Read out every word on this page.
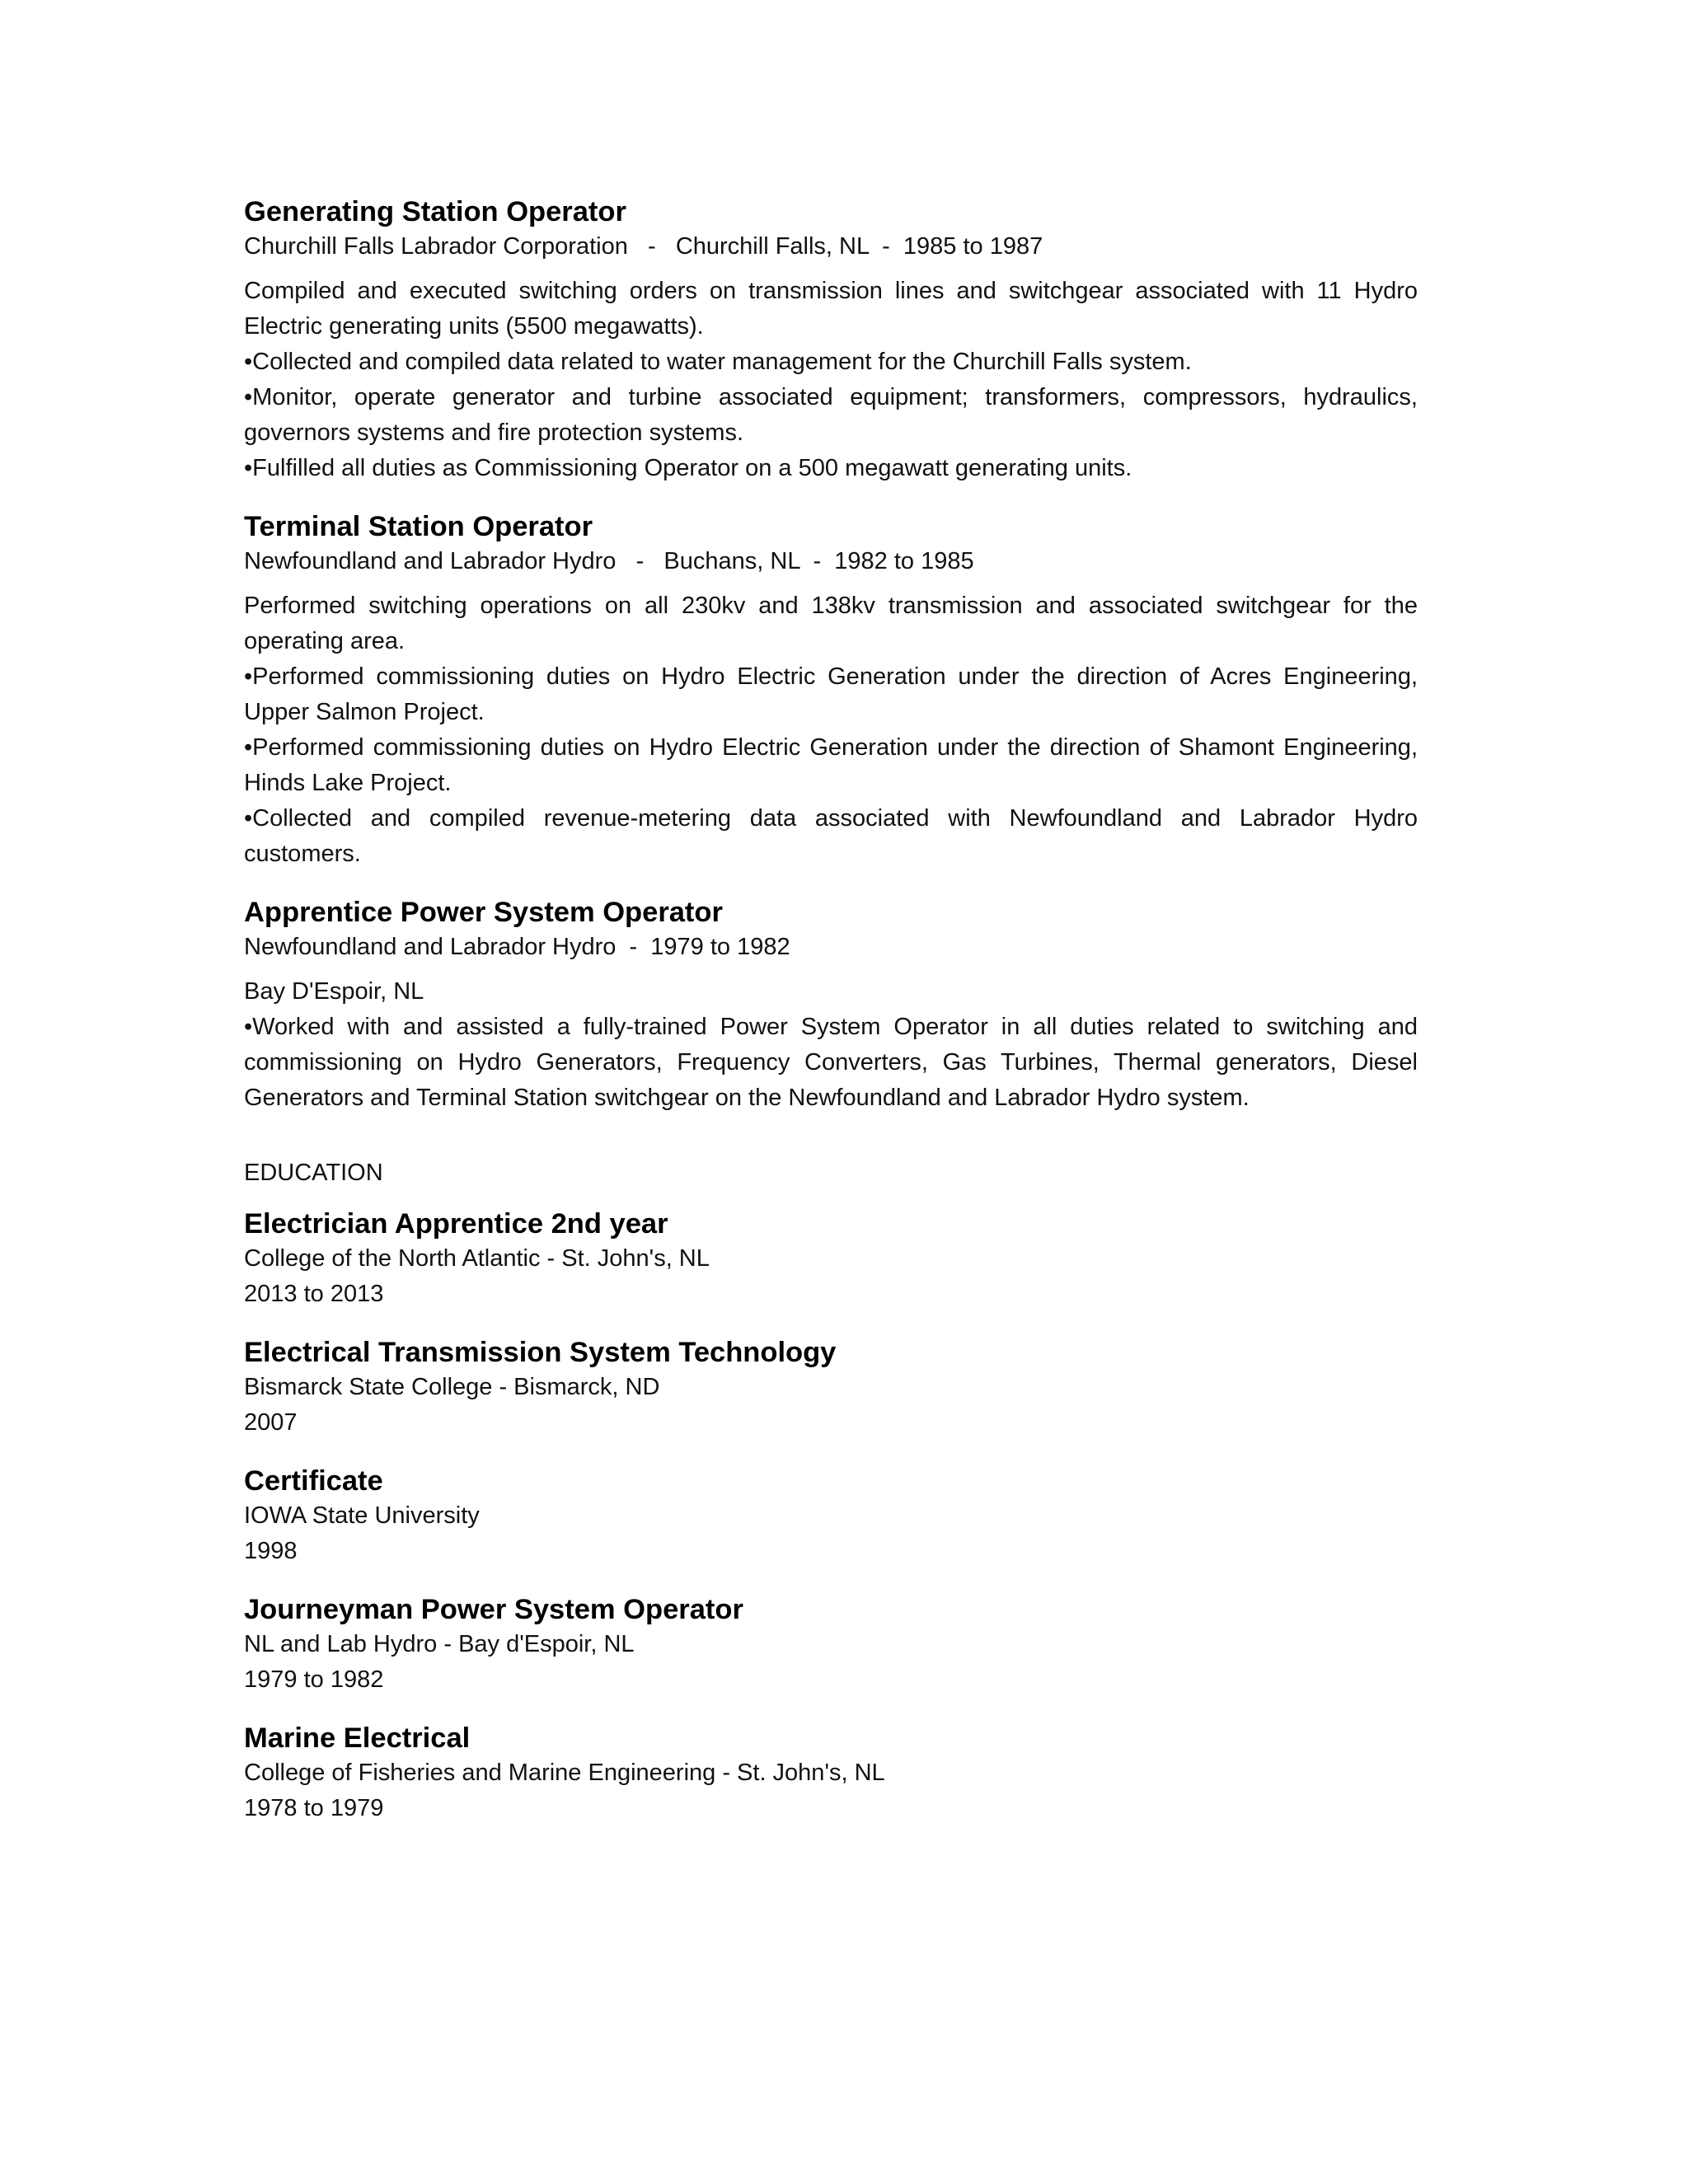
Generating Station Operator

Churchill Falls Labrador Corporation   -   Churchill Falls, NL  -  1985 to 1987

Compiled and executed switching orders on transmission lines and switchgear associated with 11 Hydro Electric generating units (5500 megawatts).

•Collected and compiled data related to water management for the Churchill Falls system.

•Monitor, operate generator and turbine associated equipment; transformers, compressors, hydraulics, governors systems and fire protection systems.

•Fulfilled all duties as Commissioning Operator on a 500 megawatt generating units.

Terminal Station Operator

Newfoundland and Labrador Hydro   -   Buchans, NL  -  1982 to 1985

Performed switching operations on all 230kv and 138kv transmission and associated switchgear for the operating area.

•Performed commissioning duties on Hydro Electric Generation under the direction of Acres Engineering, Upper Salmon Project.

•Performed commissioning duties on Hydro Electric Generation under the direction of Shamont Engineering, Hinds Lake Project.

•Collected and compiled revenue-metering data associated with Newfoundland and Labrador Hydro customers.

Apprentice Power System Operator

Newfoundland and Labrador Hydro  -  1979 to 1982

Bay D'Espoir, NL

•Worked with and assisted a fully-trained Power System Operator in all duties related to switching and commissioning on Hydro Generators, Frequency Converters, Gas Turbines, Thermal generators, Diesel Generators and Terminal Station switchgear on the Newfoundland and Labrador Hydro system.

EDUCATION

Electrician Apprentice 2nd year

College of the North Atlantic - St. John's, NL

2013 to 2013

Electrical Transmission System Technology

Bismarck State College - Bismarck, ND

2007

Certificate

IOWA State University

1998

Journeyman Power System Operator

NL and Lab Hydro - Bay d'Espoir, NL

1979 to 1982

Marine Electrical

College of Fisheries and Marine Engineering - St. John's, NL

1978 to 1979
